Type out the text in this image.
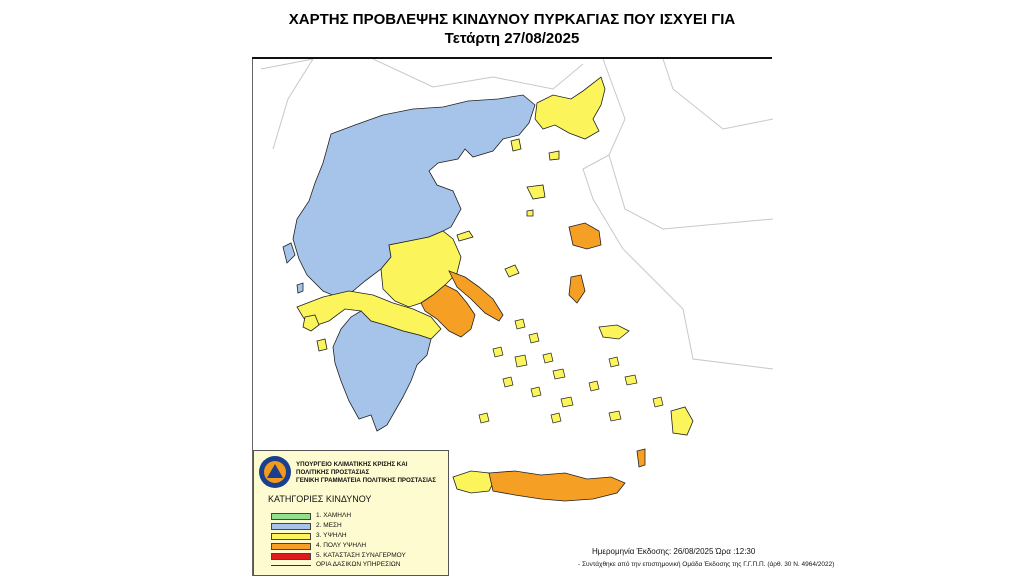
ΧΑΡΤΗΣ ΠΡΟΒΛΕΨΗΣ ΚΙΝΔΥΝΟΥ ΠΥΡΚΑΓΙΑΣ ΠΟΥ ΙΣΧΥΕΙ ΓΙΑ
Τετάρτη 27/08/2025
ΥΠΟΥΡΓΕΙΟ ΚΛΙΜΑΤΙΚΗΣ ΚΡΙΣΗΣ ΚΑΙ
ΠΟΛΙΤΙΚΗΣ ΠΡΟΣΤΑΣΙΑΣ
ΓΕΝΙΚΗ ΓΡΑΜΜΑΤΕΙΑ ΠΟΛΙΤΙΚΗΣ ΠΡΟΣΤΑΣΙΑΣ
ΚΑΤΗΓΟΡΙΕΣ ΚΙΝΔΥΝΟΥ
1. ΧΑΜΗΛΗ
2. ΜΕΣΗ
3. ΥΨΗΛΗ
4. ΠΟΛΥ ΥΨΗΛΗ
5. ΚΑΤΑΣΤΑΣΗ ΣΥΝΑΓΕΡΜΟΥ
ΟΡΙΑ ΔΑΣΙΚΩΝ ΥΠΗΡΕΣΙΩΝ
Ημερομηνία Έκδοσης: 26/08/2025 Ώρα :12:30
- Συντάχθηκε από την επιστημονική Ομάδα Έκδοσης της Γ.Γ.Π.Π. (άρθ. 30 Ν. 4964/2022)
